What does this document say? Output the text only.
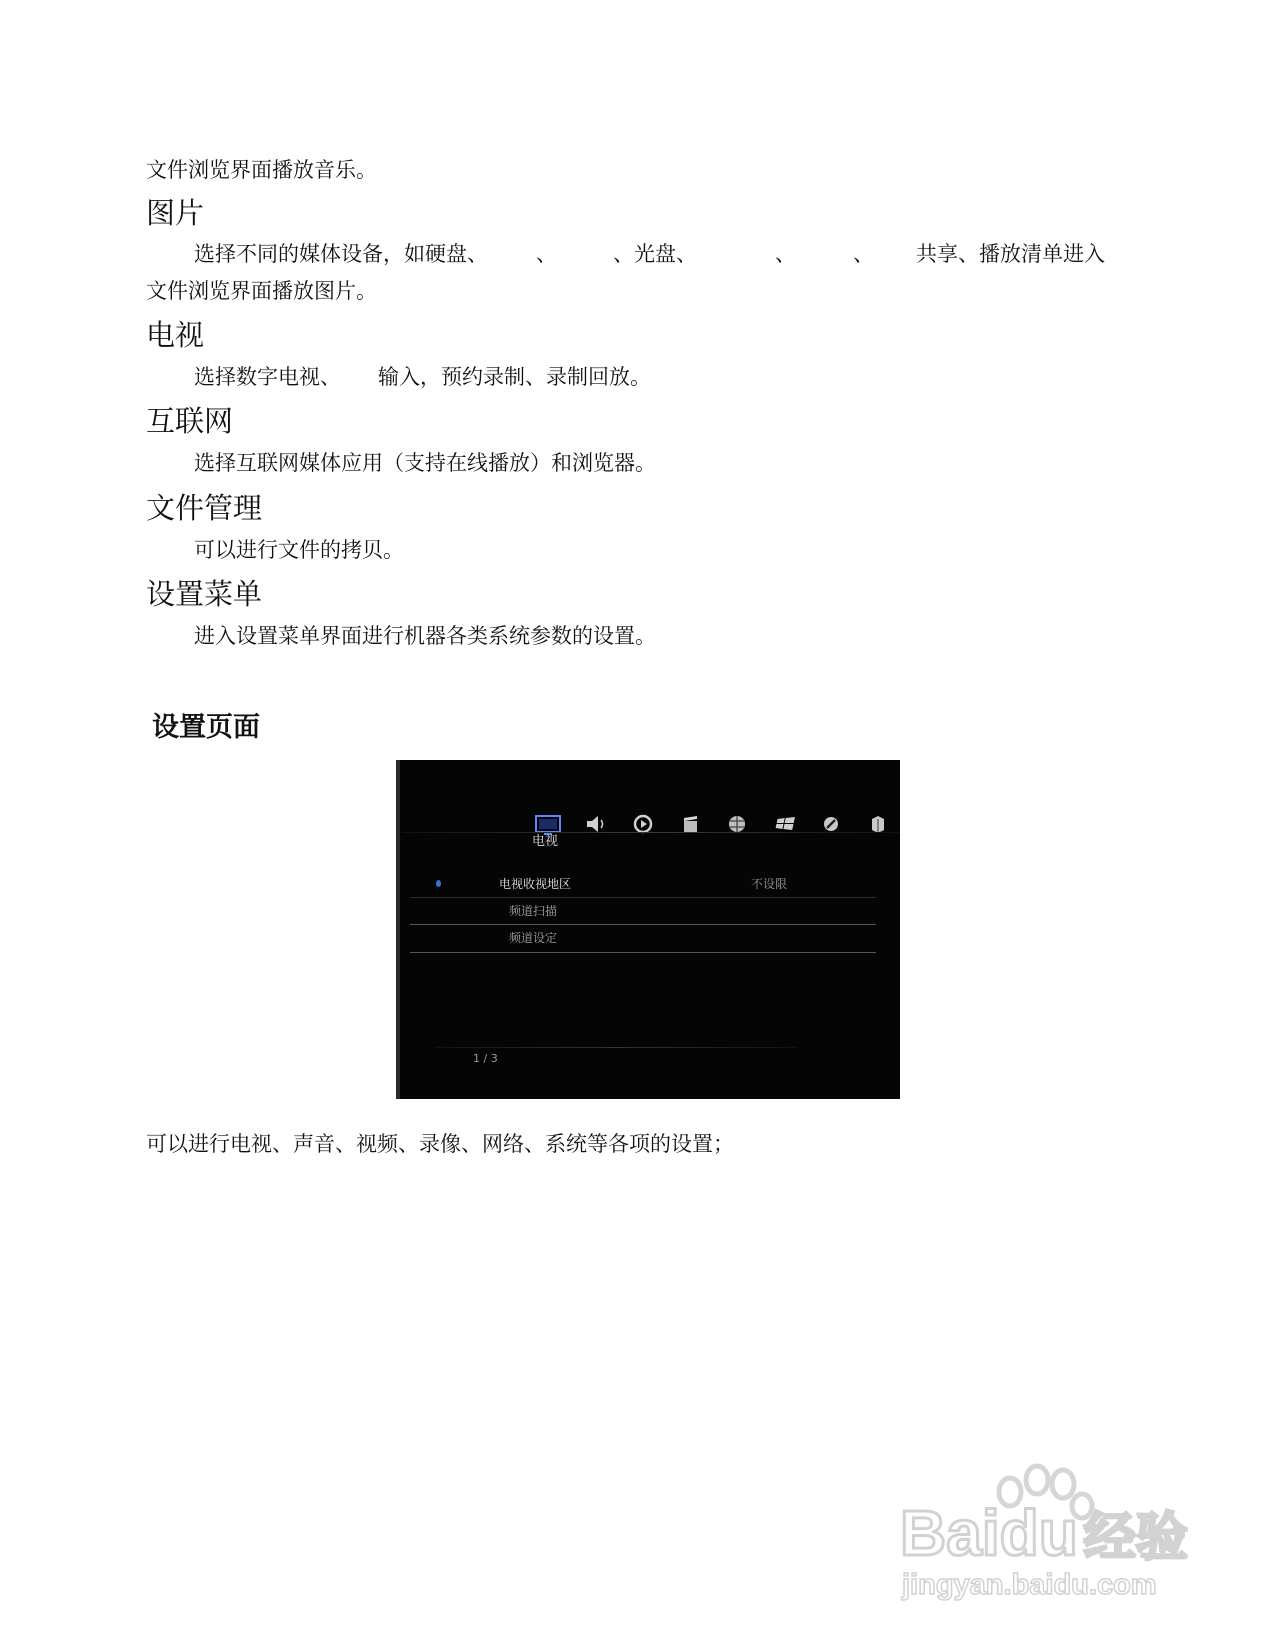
文件浏览界面播放音乐。
图片
选择不同的媒体设备，如硬盘、 、	、光盘、	、	、 共享、播放清单进入
文件浏览界面播放图片。
电视
选择数字电视、 输入，预约录制、录制回放。
互联网
选择互联网媒体应用（支持在线播放）和浏览器。
文件管理
可以进行文件的拷贝。
设置菜单
进入设置菜单界面进行机器各类系统参数的设置。
设置页面
电视
电视收视地区	不设限
频道扫描
频道设定
1 / 3
可以进行电视、声音、视频、录像、网络、系统等各项的设置；
Baidu 经验
jingyan.baidu.com
